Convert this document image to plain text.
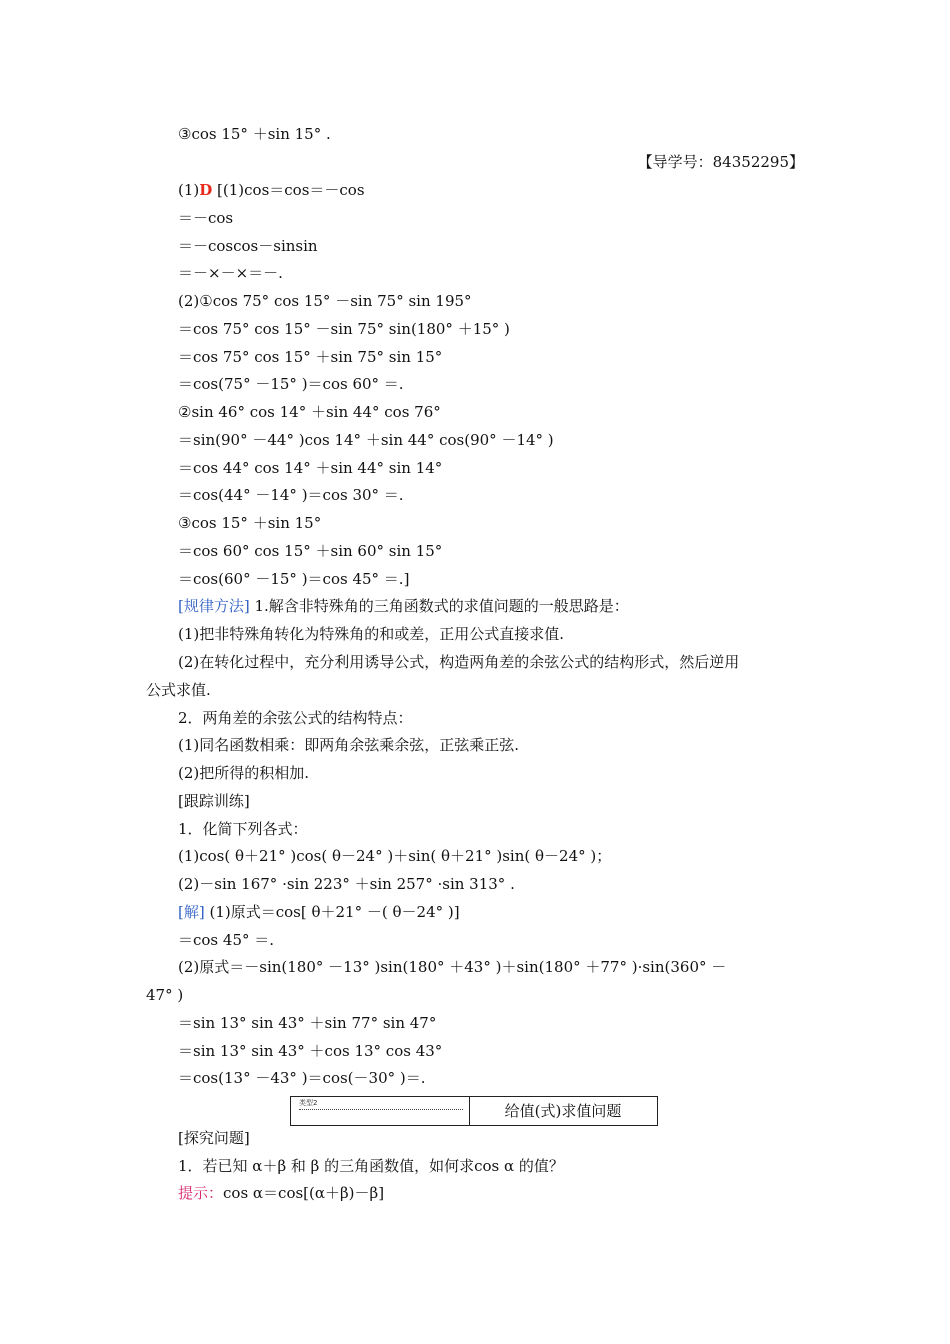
③cos 15° ＋sin 15° .
【导学号：84352295】
(1)D [(1)cos＝cos＝－cos
＝－cos
＝－coscos－sinsin
＝－×－×＝－.
(2)①cos 75° cos 15° －sin 75° sin 195°
＝cos 75° cos 15° －sin 75° sin(180° ＋15° )
＝cos 75° cos 15° ＋sin 75° sin 15°
＝cos(75° －15° )＝cos 60° ＝.
②sin 46° cos 14° ＋sin 44° cos 76°
＝sin(90° －44° )cos 14° ＋sin 44° cos(90° －14° )
＝cos 44° cos 14° ＋sin 44° sin 14°
＝cos(44° －14° )＝cos 30° ＝.
③cos 15° ＋sin 15°
＝cos 60° cos 15° ＋sin 60° sin 15°
＝cos(60° －15° )＝cos 45° ＝.]
[规律方法] 1.解含非特殊角的三角函数式的求值问题的一般思路是：
(1)把非特殊角转化为特殊角的和或差，正用公式直接求值.
(2)在转化过程中，充分利用诱导公式，构造两角差的余弦公式的结构形式，然后逆用
公式求值.
2．两角差的余弦公式的结构特点：
(1)同名函数相乘：即两角余弦乘余弦，正弦乘正弦.
(2)把所得的积相加.
[跟踪训练]
1．化简下列各式：
(1)cos( θ＋21° )cos( θ－24° )＋sin( θ＋21° )sin( θ－24° )；
(2)－sin 167° ·sin 223° ＋sin 257° ·sin 313° .
[解] (1)原式＝cos[ θ＋21° －( θ－24° )]
＝cos 45° ＝.
(2)原式＝－sin(180° －13° )sin(180° ＋43° )＋sin(180° ＋77° )·sin(360° －
47° )
＝sin 13° sin 43° ＋sin 77° sin 47°
＝sin 13° sin 43° ＋cos 13° cos 43°
＝cos(13° －43° )＝cos(－30° )＝.
类型2	给值(式)求值问题
[探究问题]
1．若已知 α＋β 和 β 的三角函数值，如何求cos α 的值？
提示：cos α＝cos[(α＋β)－β]
